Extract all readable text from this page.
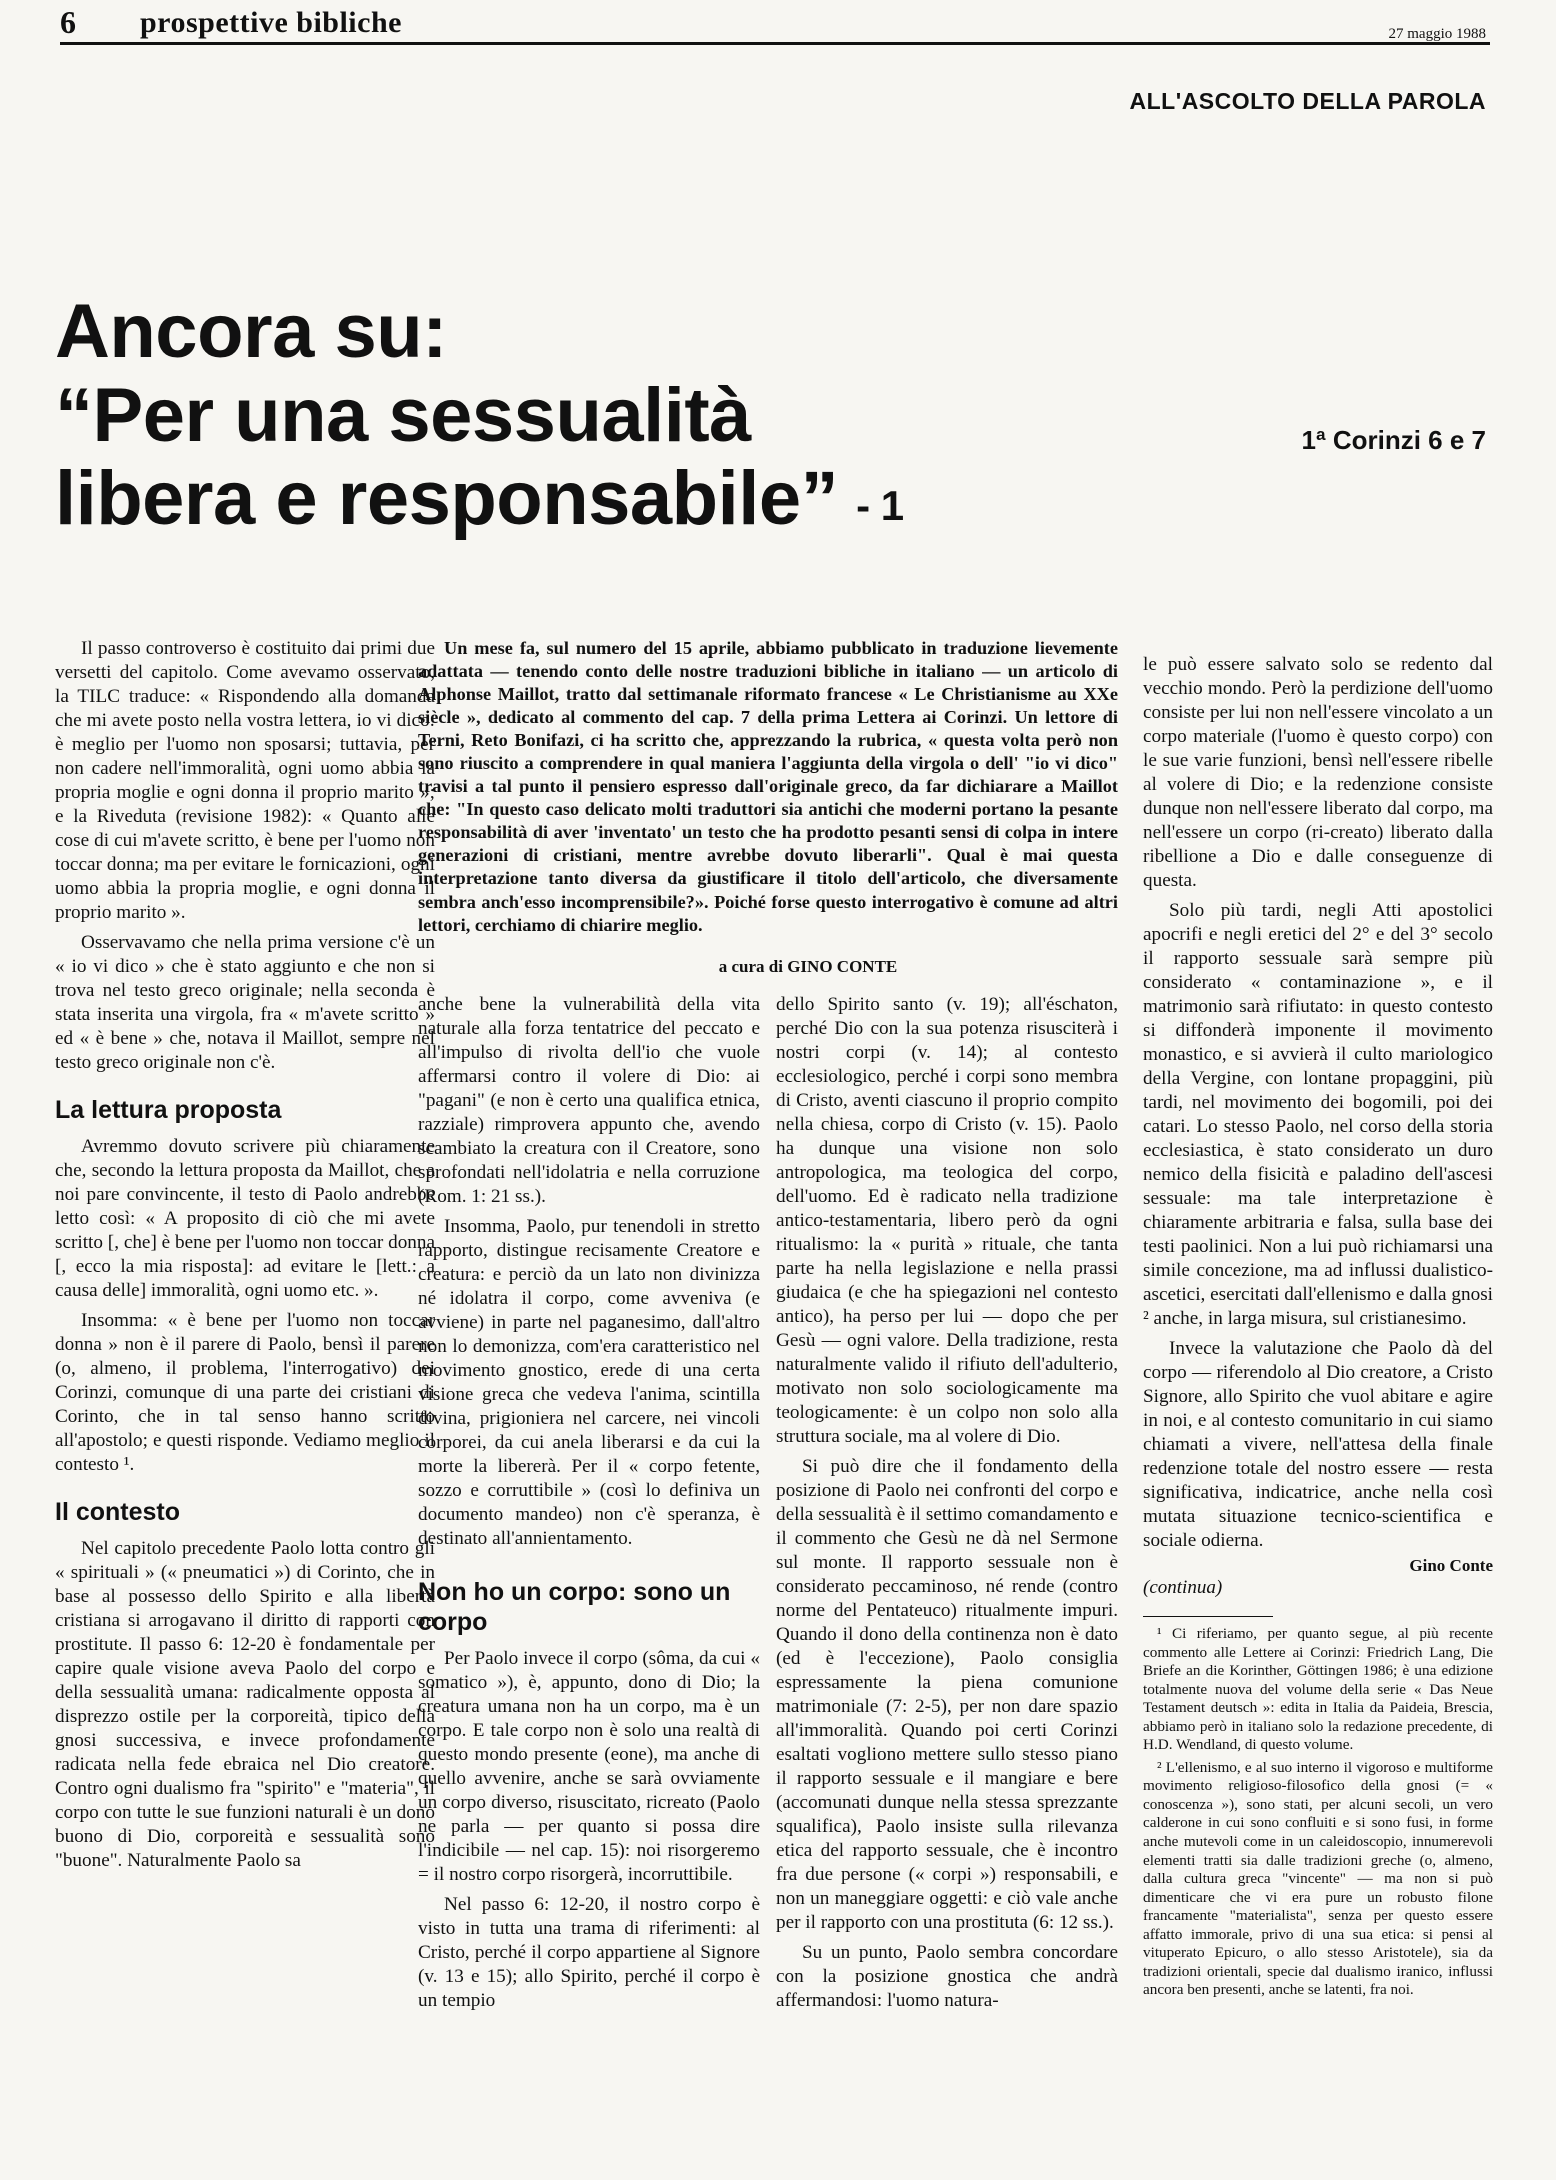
6 prospettive bibliche	27 maggio 1988
ALL'ASCOLTO DELLA PAROLA
Ancora su:
“Per una sessualità
libera e responsabile” - 1
1ª Corinzi 6 e 7

Il passo controverso è costituito dai primi due versetti del capitolo. Come avevamo osservato, la TILC traduce: « Rispondendo alla domanda che mi avete posto nella vostra lettera, io vi dico: è meglio per l'uomo non sposarsi; tuttavia, per non cadere nell'immoralità, ogni uomo abbia la propria moglie e ogni donna il proprio marito »; e la Riveduta (revisione 1982): « Quanto alle cose di cui m'avete scritto, è bene per l'uomo non toccar donna; ma per evitare le fornicazioni, ogni uomo abbia la propria moglie, e ogni donna il proprio marito ».

Osservavamo che nella prima versione c'è un « io vi dico » che è stato aggiunto e che non si trova nel testo greco originale; nella seconda è stata inserita una virgola, fra « m'avete scritto » ed « è bene » che, notava il Maillot, sempre nel testo greco originale non c'è.

La lettura proposta

Avremmo dovuto scrivere più chiaramente che, secondo la lettura proposta da Maillot, che a noi pare convincente, il testo di Paolo andrebbe letto così: « A proposito di ciò che mi avete scritto [, che] è bene per l'uomo non toccar donna [, ecco la mia risposta]: ad evitare le [lett.: a causa delle] immoralità, ogni uomo etc. ».

Insomma: « è bene per l'uomo non toccar donna » non è il parere di Paolo, bensì il parere (o, almeno, il problema, l'interrogativo) dei Corinzi, comunque di una parte dei cristiani di Corinto, che in tal senso hanno scritto all'apostolo; e questi risponde. Vediamo meglio il contesto ¹.

Il contesto

Nel capitolo precedente Paolo lotta contro gli « spirituali » (« pneumatici ») di Corinto, che in base al possesso dello Spirito e alla libertà cristiana si arrogavano il diritto di rapporti con prostitute. Il passo 6: 12-20 è fondamentale per capire quale visione aveva Paolo del corpo e della sessualità umana: radicalmente opposta al disprezzo ostile per la corporeità, tipico della gnosi successiva, e invece profondamente radicata nella fede ebraica nel Dio creatore. Contro ogni dualismo fra "spirito" e "materia", il corpo con tutte le sue funzioni naturali è un dono buono di Dio, corporeità e sessualità sono "buone". Naturalmente Paolo sa

Un mese fa, sul numero del 15 aprile, abbiamo pubblicato in traduzione lievemente adattata — tenendo conto delle nostre traduzioni bibliche in italiano — un articolo di Alphonse Maillot, tratto dal settimanale riformato francese « Le Christianisme au XXe siècle », dedicato al commento del cap. 7 della prima Lettera ai Corinzi. Un lettore di Terni, Reto Bonifazi, ci ha scritto che, apprezzando la rubrica, « questa volta però non sono riuscito a comprendere in qual maniera l'aggiunta della virgola o dell' "io vi dico" travisi a tal punto il pensiero espresso dall'originale greco, da far dichiarare a Maillot che: "In questo caso delicato molti traduttori sia antichi che moderni portano la pesante responsabilità di aver 'inventato' un testo che ha prodotto pesanti sensi di colpa in intere generazioni di cristiani, mentre avrebbe dovuto liberarli". Qual è mai questa interpretazione tanto diversa da giustificare il titolo dell'articolo, che diversamente sembra anch'esso incomprensibile?». Poiché forse questo interrogativo è comune ad altri lettori, cerchiamo di chiarire meglio.

a cura di GINO CONTE

anche bene la vulnerabilità della vita naturale alla forza tentatrice del peccato e all'impulso di rivolta dell'io che vuole affermarsi contro il volere di Dio: ai "pagani" (e non è certo una qualifica etnica, razziale) rimprovera appunto che, avendo scambiato la creatura con il Creatore, sono sprofondati nell'idolatria e nella corruzione (Rom. 1: 21 ss.).

Insomma, Paolo, pur tenendoli in stretto rapporto, distingue recisamente Creatore e creatura: e perciò da un lato non divinizza né idolatra il corpo, come avveniva (e avviene) in parte nel paganesimo, dall'altro non lo demonizza, com'era caratteristico nel movimento gnostico, erede di una certa visione greca che vedeva l'anima, scintilla divina, prigioniera nel carcere, nei vincoli corporei, da cui anela liberarsi e da cui la morte la libererà. Per il « corpo fetente, sozzo e corruttibile » (così lo definiva un documento mandeo) non c'è speranza, è destinato all'annientamento.

Non ho un corpo: sono un corpo

Per Paolo invece il corpo (sôma, da cui « somatico »), è, appunto, dono di Dio; la creatura umana non ha un corpo, ma è un corpo. E tale corpo non è solo una realtà di questo mondo presente (eone), ma anche di quello avvenire, anche se sarà ovviamente un corpo diverso, risuscitato, ricreato (Paolo ne parla — per quanto si possa dire l'indicibile — nel cap. 15): noi risorgeremo = il nostro corpo risorgerà, incorruttibile.

Nel passo 6: 12-20, il nostro corpo è visto in tutta una trama di riferimenti: al Cristo, perché il corpo appartiene al Signore (v. 13 e 15); allo Spirito, perché il corpo è un tempio

dello Spirito santo (v. 19); all'éschaton, perché Dio con la sua potenza risusciterà i nostri corpi (v. 14); al contesto ecclesiologico, perché i corpi sono membra di Cristo, aventi ciascuno il proprio compito nella chiesa, corpo di Cristo (v. 15). Paolo ha dunque una visione non solo antropologica, ma teologica del corpo, dell'uomo. Ed è radicato nella tradizione antico-testamentaria, libero però da ogni ritualismo: la « purità » rituale, che tanta parte ha nella legislazione e nella prassi giudaica (e che ha spiegazioni nel contesto antico), ha perso per lui — dopo che per Gesù — ogni valore. Della tradizione, resta naturalmente valido il rifiuto dell'adulterio, motivato non solo sociologicamente ma teologicamente: è un colpo non solo alla struttura sociale, ma al volere di Dio.

Si può dire che il fondamento della posizione di Paolo nei confronti del corpo e della sessualità è il settimo comandamento e il commento che Gesù ne dà nel Sermone sul monte. Il rapporto sessuale non è considerato peccaminoso, né rende (contro norme del Pentateuco) ritualmente impuri. Quando il dono della continenza non è dato (ed è l'eccezione), Paolo consiglia espressamente la piena comunione matrimoniale (7: 2-5), per non dare spazio all'immoralità. Quando poi certi Corinzi esaltati vogliono mettere sullo stesso piano il rapporto sessuale e il mangiare e bere (accomunati dunque nella stessa sprezzante squalifica), Paolo insiste sulla rilevanza etica del rapporto sessuale, che è incontro fra due persone (« corpi ») responsabili, e non un maneggiare oggetti: e ciò vale anche per il rapporto con una prostituta (6: 12 ss.).

Su un punto, Paolo sembra concordare con la posizione gnostica che andrà affermandosi: l'uomo natura-

le può essere salvato solo se redento dal vecchio mondo. Però la perdizione dell'uomo consiste per lui non nell'essere vincolato a un corpo materiale (l'uomo è questo corpo) con le sue varie funzioni, bensì nell'essere ribelle al volere di Dio; e la redenzione consiste dunque non nell'essere liberato dal corpo, ma nell'essere un corpo (ri-creato) liberato dalla ribellione a Dio e dalle conseguenze di questa.

Solo più tardi, negli Atti apostolici apocrifi e negli eretici del 2° e del 3° secolo il rapporto sessuale sarà sempre più considerato « contaminazione », e il matrimonio sarà rifiutato: in questo contesto si diffonderà imponente il movimento monastico, e si avvierà il culto mariologico della Vergine, con lontane propaggini, più tardi, nel movimento dei bogomili, poi dei catari. Lo stesso Paolo, nel corso della storia ecclesiastica, è stato considerato un duro nemico della fisicità e paladino dell'ascesi sessuale: ma tale interpretazione è chiaramente arbitraria e falsa, sulla base dei testi paolinici. Non a lui può richiamarsi una simile concezione, ma ad influssi dualistico-ascetici, esercitati dall'ellenismo e dalla gnosi ² anche, in larga misura, sul cristianesimo.

Invece la valutazione che Paolo dà del corpo — riferendolo al Dio creatore, a Cristo Signore, allo Spirito che vuol abitare e agire in noi, e al contesto comunitario in cui siamo chiamati a vivere, nell'attesa della finale redenzione totale del nostro essere — resta significativa, indicatrice, anche nella così mutata situazione tecnico-scientifica e sociale odierna.

Gino Conte

(continua)

¹ Ci riferiamo, per quanto segue, al più recente commento alle Lettere ai Corinzi: Friedrich Lang, Die Briefe an die Korinther, Göttingen 1986; è una edizione totalmente nuova del volume della serie « Das Neue Testament deutsch »: edita in Italia da Paideia, Brescia, abbiamo però in italiano solo la redazione precedente, di H.D. Wendland, di questo volume.

² L'ellenismo, e al suo interno il vigoroso e multiforme movimento religioso-filosofico della gnosi (= « conoscenza »), sono stati, per alcuni secoli, un vero calderone in cui sono confluiti e si sono fusi, in forme anche mutevoli come in un caleidoscopio, innumerevoli elementi tratti sia dalle tradizioni greche (o, almeno, dalla cultura greca "vincente" — ma non si può dimenticare che vi era pure un robusto filone francamente "materialista", senza per questo essere affatto immorale, privo di una sua etica: si pensi al vituperato Epicuro, o allo stesso Aristotele), sia da tradizioni orientali, specie dal dualismo iranico, influssi ancora ben presenti, anche se latenti, fra noi.
